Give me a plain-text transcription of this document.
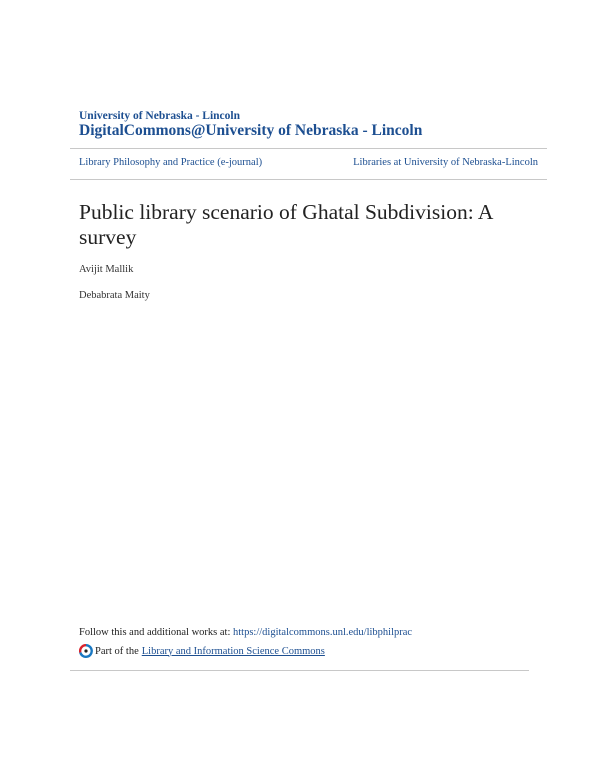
University of Nebraska - Lincoln
DigitalCommons@University of Nebraska - Lincoln
Library Philosophy and Practice (e-journal)	Libraries at University of Nebraska-Lincoln
Public library scenario of Ghatal Subdivision: A survey
Avijit Mallik
Debabrata Maity
Follow this and additional works at: https://digitalcommons.unl.edu/libphilprac
Part of the Library and Information Science Commons
